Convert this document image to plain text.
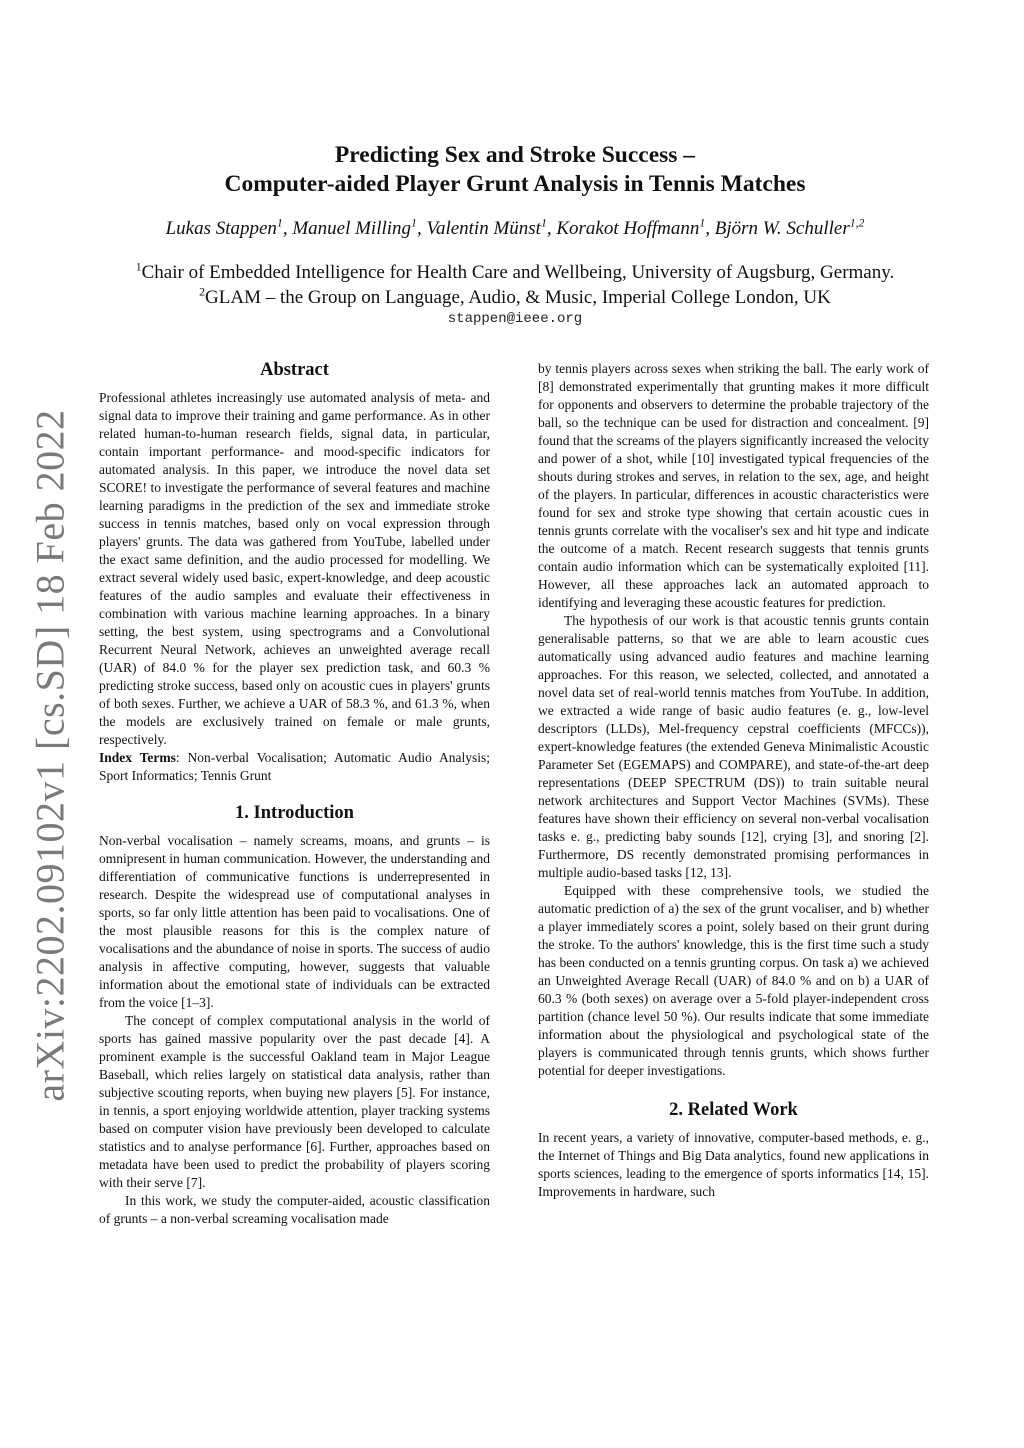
arXiv:2202.09102v1 [cs.SD] 18 Feb 2022
Predicting Sex and Stroke Success –
Computer-aided Player Grunt Analysis in Tennis Matches
Lukas Stappen$^1$, Manuel Milling$^1$, Valentin Münst$^1$, Korakot Hoffmann$^1$, Björn W. Schuller$^{1,2}$
$^1$Chair of Embedded Intelligence for Health Care and Wellbeing, University of Augsburg, Germany.
$^2$GLAM – the Group on Language, Audio, & Music, Imperial College London, UK
stappen@ieee.org
Abstract

Professional athletes increasingly use automated analysis of meta- and signal data to improve their training and game performance. As in other related human-to-human research fields, signal data, in particular, contain important performance- and mood-specific indicators for automated analysis. In this paper, we introduce the novel data set SCORE! to investigate the performance of several features and machine learning paradigms in the prediction of the sex and immediate stroke success in tennis matches, based only on vocal expression through players' grunts. The data was gathered from YouTube, labelled under the exact same definition, and the audio processed for modelling. We extract several widely used basic, expert-knowledge, and deep acoustic features of the audio samples and evaluate their effectiveness in combination with various machine learning approaches. In a binary setting, the best system, using spectrograms and a Convolutional Recurrent Neural Network, achieves an unweighted average recall (UAR) of 84.0 % for the player sex prediction task, and 60.3 % predicting stroke success, based only on acoustic cues in players' grunts of both sexes. Further, we achieve a UAR of 58.3 %, and 61.3 %, when the models are exclusively trained on female or male grunts, respectively.

Index Terms: Non-verbal Vocalisation; Automatic Audio Analysis; Sport Informatics; Tennis Grunt

1. Introduction

Non-verbal vocalisation – namely screams, moans, and grunts – is omnipresent in human communication. However, the understanding and differentiation of communicative functions is underrepresented in research. Despite the widespread use of computational analyses in sports, so far only little attention has been paid to vocalisations. One of the most plausible reasons for this is the complex nature of vocalisations and the abundance of noise in sports. The success of audio analysis in affective computing, however, suggests that valuable information about the emotional state of individuals can be extracted from the voice [1–3].

The concept of complex computational analysis in the world of sports has gained massive popularity over the past decade [4]. A prominent example is the successful Oakland team in Major League Baseball, which relies largely on statistical data analysis, rather than subjective scouting reports, when buying new players [5]. For instance, in tennis, a sport enjoying worldwide attention, player tracking systems based on computer vision have previously been developed to calculate statistics and to analyse performance [6]. Further, approaches based on metadata have been used to predict the probability of players scoring with their serve [7].

In this work, we study the computer-aided, acoustic classification of grunts – a non-verbal screaming vocalisation made

by tennis players across sexes when striking the ball. The early work of [8] demonstrated experimentally that grunting makes it more difficult for opponents and observers to determine the probable trajectory of the ball, so the technique can be used for distraction and concealment. [9] found that the screams of the players significantly increased the velocity and power of a shot, while [10] investigated typical frequencies of the shouts during strokes and serves, in relation to the sex, age, and height of the players. In particular, differences in acoustic characteristics were found for sex and stroke type showing that certain acoustic cues in tennis grunts correlate with the vocaliser's sex and hit type and indicate the outcome of a match. Recent research suggests that tennis grunts contain audio information which can be systematically exploited [11]. However, all these approaches lack an automated approach to identifying and leveraging these acoustic features for prediction.

The hypothesis of our work is that acoustic tennis grunts contain generalisable patterns, so that we are able to learn acoustic cues automatically using advanced audio features and machine learning approaches. For this reason, we selected, collected, and annotated a novel data set of real-world tennis matches from YouTube. In addition, we extracted a wide range of basic audio features (e. g., low-level descriptors (LLDs), Mel-frequency cepstral coefficients (MFCCs)), expert-knowledge features (the extended Geneva Minimalistic Acoustic Parameter Set (EGEMAPS) and COMPARE), and state-of-the-art deep representations (DEEP SPECTRUM (DS)) to train suitable neural network architectures and Support Vector Machines (SVMs). These features have shown their efficiency on several non-verbal vocalisation tasks e. g., predicting baby sounds [12], crying [3], and snoring [2]. Furthermore, DS recently demonstrated promising performances in multiple audio-based tasks [12, 13].

Equipped with these comprehensive tools, we studied the automatic prediction of a) the sex of the grunt vocaliser, and b) whether a player immediately scores a point, solely based on their grunt during the stroke. To the authors' knowledge, this is the first time such a study has been conducted on a tennis grunting corpus. On task a) we achieved an Unweighted Average Recall (UAR) of 84.0 % and on b) a UAR of 60.3 % (both sexes) on average over a 5-fold player-independent cross partition (chance level 50 %). Our results indicate that some immediate information about the physiological and psychological state of the players is communicated through tennis grunts, which shows further potential for deeper investigations.

2. Related Work

In recent years, a variety of innovative, computer-based methods, e. g., the Internet of Things and Big Data analytics, found new applications in sports sciences, leading to the emergence of sports informatics [14, 15]. Improvements in hardware, such
